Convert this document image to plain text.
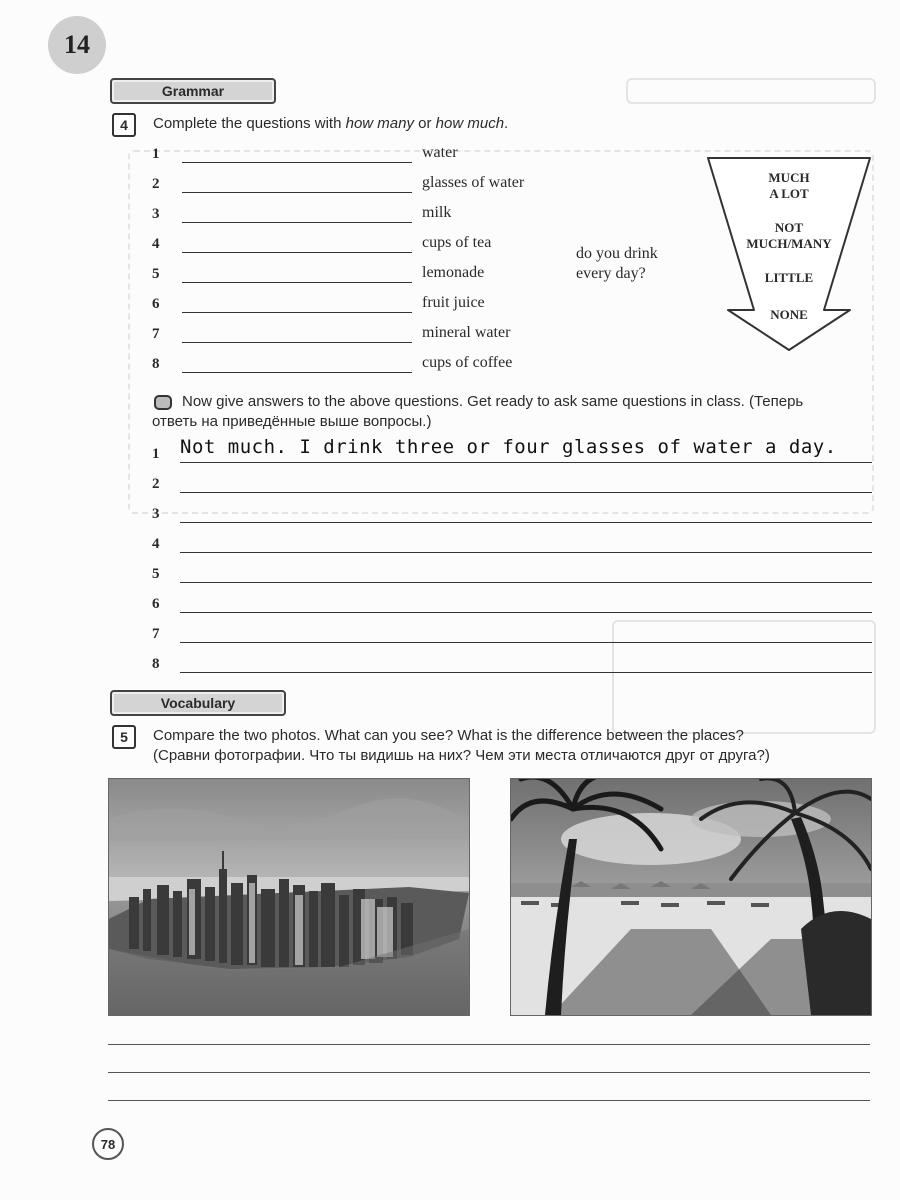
14
Grammar
4	Complete the questions with how many or how much.
1	water
2	glasses of water
3	milk
4	cups of tea
5	lemonade
6	fruit juice
7	mineral water
8	cups of coffee
do you drink
every day?
MUCH
A LOT
NOT
MUCH/MANY
LITTLE
NONE
Now give answers to the above questions. Get ready to ask same questions in class. (Теперь
ответь на приведённые выше вопросы.)
1 Not much. I drink three or four glasses of water a day.
2
3
4
5
6
7
8
Vocabulary
5	Compare the two photos. What can you see? What is the difference between the places?
(Сравни фотографии. Что ты видишь на них? Чем эти места отличаются друг от друга?)
78
